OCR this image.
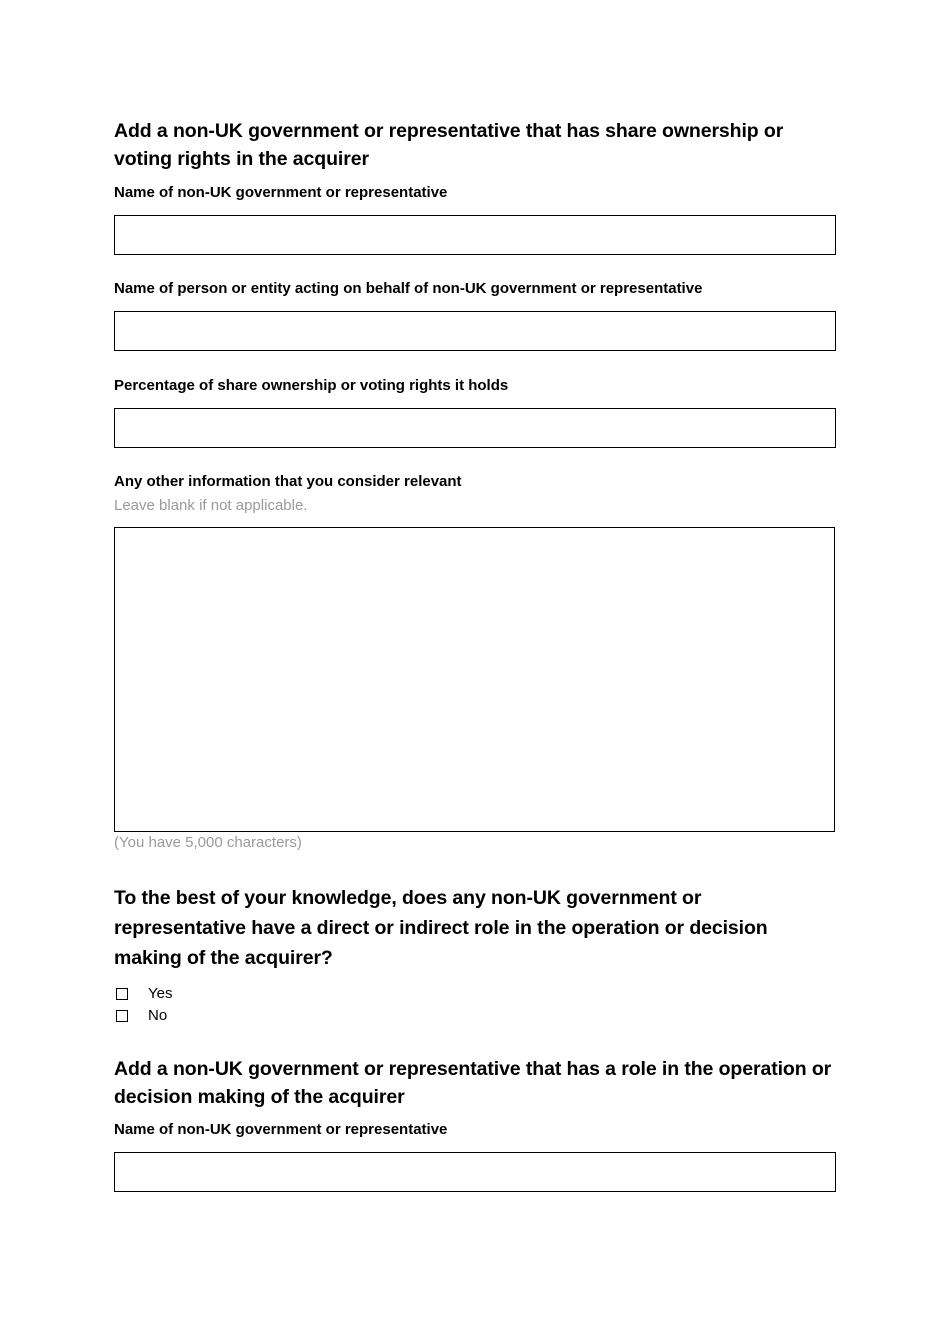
Add a non-UK government or representative that has share ownership or voting rights in the acquirer

Name of non-UK government or representative

Name of person or entity acting on behalf of non-UK government or representative

Percentage of share ownership or voting rights it holds

Any other information that you consider relevant

Leave blank if not applicable.
(You have 5,000 characters)
To the best of your knowledge, does any non-UK government or representative have a direct or indirect role in the operation or decision making of the acquirer?
Yes
No
Add a non-UK government or representative that has a role in the operation or decision making of the acquirer

Name of non-UK government or representative
